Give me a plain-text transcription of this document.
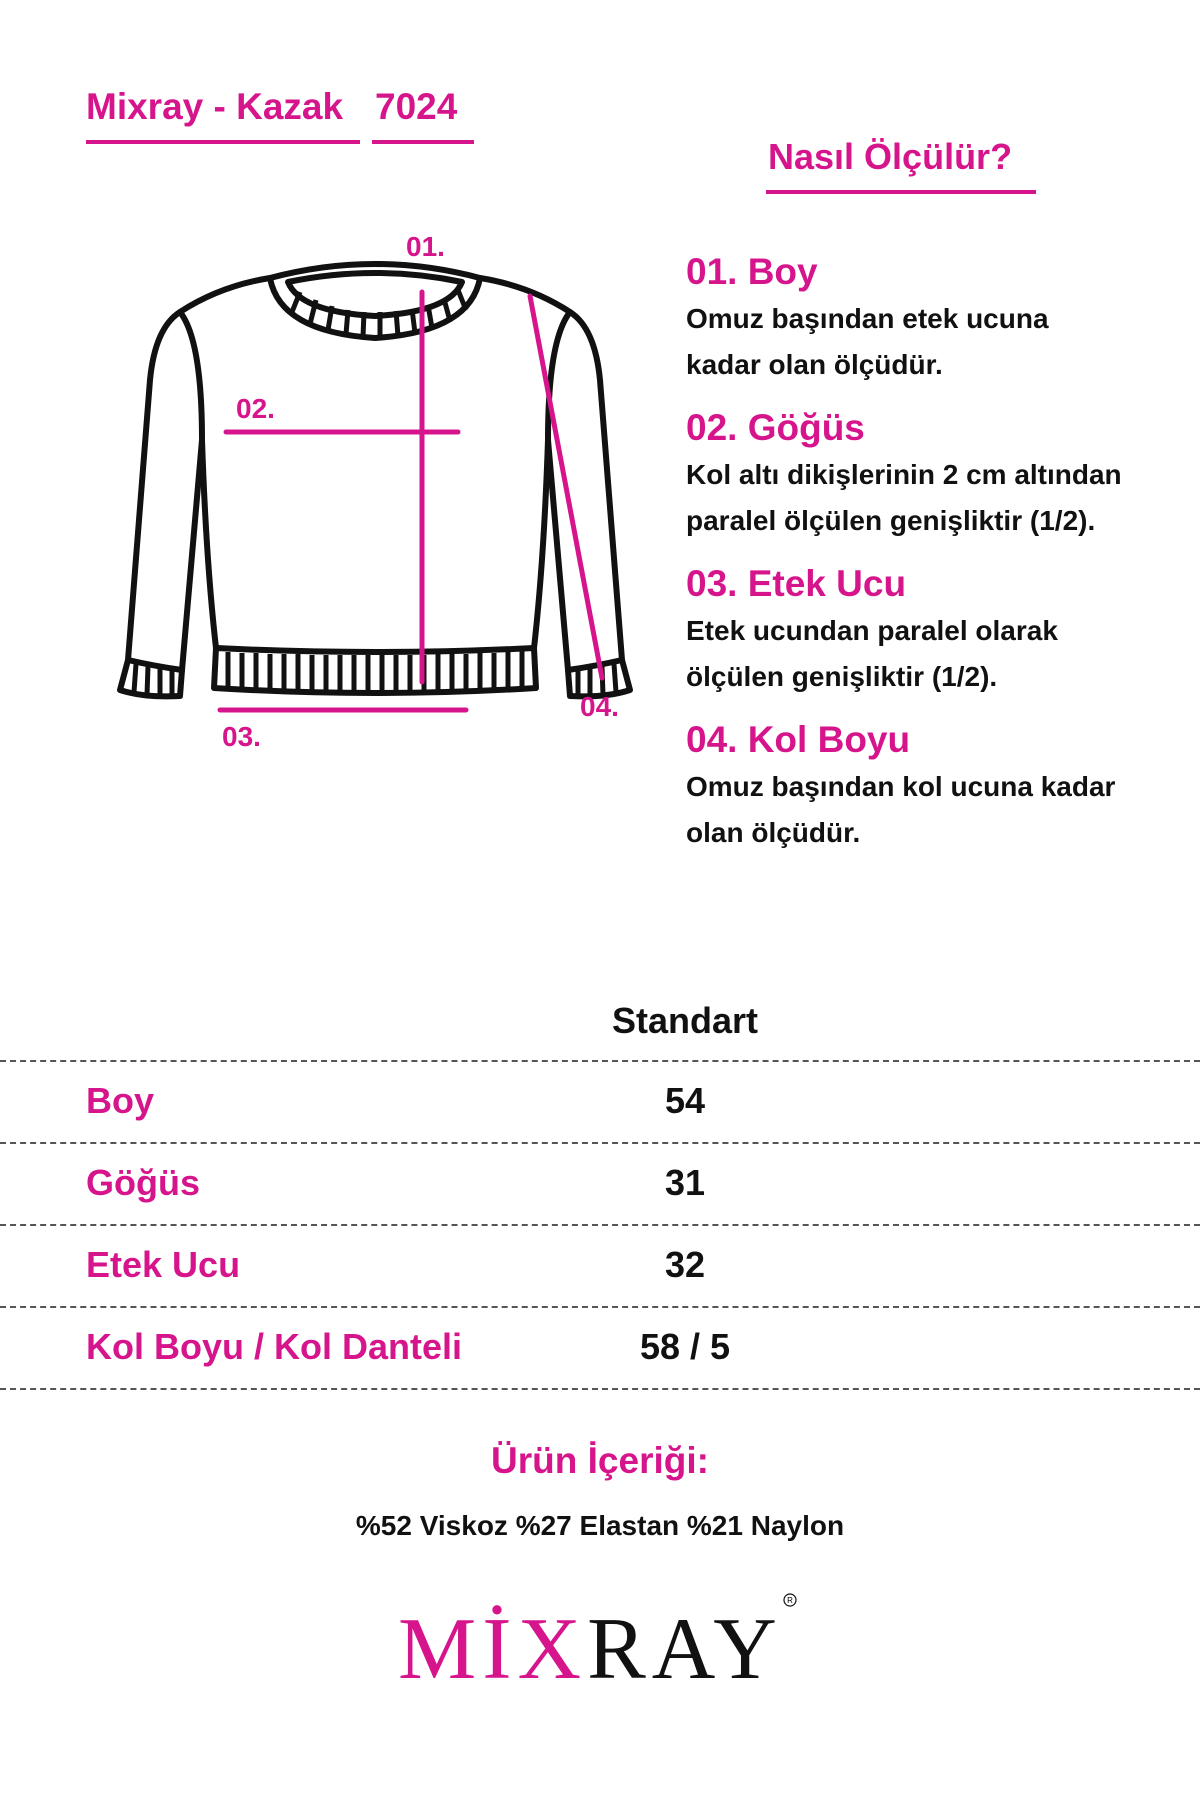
Mixray - Kazak 7024
Nasıl Ölçülür?
01.
02.
03.
04.
01. Boy
Omuz başından etek ucuna
kadar olan ölçüdür.
02. Göğüs
Kol altı dikişlerinin 2 cm altından
paralel ölçülen genişliktir (1/2).
03. Etek Ucu
Etek ucundan paralel olarak
ölçülen genişliktir (1/2).
04. Kol Boyu
Omuz başından kol ucuna kadar
olan ölçüdür.
Standart
Boy	54
Göğüs	31
Etek Ucu	32
Kol Boyu / Kol Danteli	58 / 5
Ürün İçeriği:
%52 Viskoz %27 Elastan %21 Naylon
MİXRAY
R
